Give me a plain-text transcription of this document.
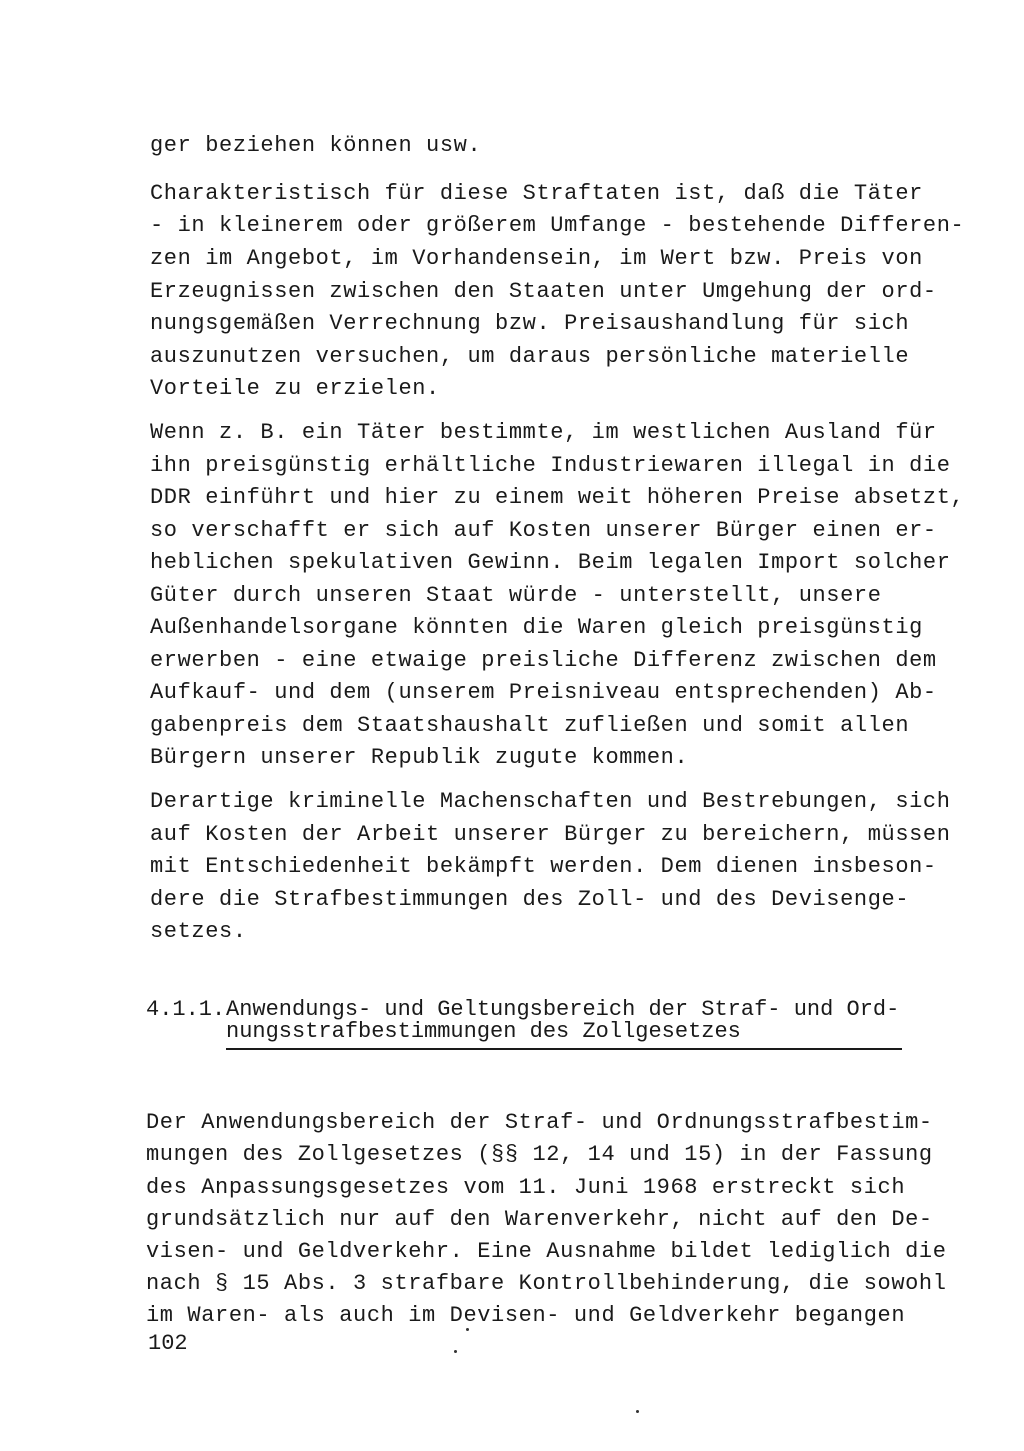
ger beziehen können usw.
Charakteristisch für diese Straftaten ist, daß die Täter
- in kleinerem oder größerem Umfange - bestehende Differen-
zen im Angebot, im Vorhandensein, im Wert bzw. Preis von
Erzeugnissen zwischen den Staaten unter Umgehung der ord-
nungsgemäßen Verrechnung bzw. Preisaushandlung für sich
auszunutzen versuchen, um daraus persönliche materielle
Vorteile zu erzielen.
Wenn z. B. ein Täter bestimmte, im westlichen Ausland für
ihn preisgünstig erhältliche Industriewaren illegal in die
DDR einführt und hier zu einem weit höheren Preise absetzt,
so verschafft er sich auf Kosten unserer Bürger einen er-
heblichen spekulativen Gewinn. Beim legalen Import solcher
Güter durch unseren Staat würde - unterstellt, unsere
Außenhandelsorgane könnten die Waren gleich preisgünstig
erwerben - eine etwaige preisliche Differenz zwischen dem
Aufkauf- und dem (unserem Preisniveau entsprechenden) Ab-
gabenpreis dem Staatshaushalt zufließen und somit allen
Bürgern unserer Republik zugute kommen.
Derartige kriminelle Machenschaften und Bestrebungen, sich
auf Kosten der Arbeit unserer Bürger zu bereichern, müssen
mit Entschiedenheit bekämpft werden. Dem dienen insbeson-
dere die Strafbestimmungen des Zoll- und des Devisenge-
setzes.
4.1.1. Anwendungs- und Geltungsbereich der Straf- und Ord-
nungsstrafbestimmungen des Zollgesetzes
Der Anwendungsbereich der Straf- und Ordnungsstrafbestim-
mungen des Zollgesetzes (§§ 12, 14 und 15) in der Fassung
des Anpassungsgesetzes vom 11. Juni 1968 erstreckt sich
grundsätzlich nur auf den Warenverkehr, nicht auf den De-
visen- und Geldverkehr. Eine Ausnahme bildet lediglich die
nach § 15 Abs. 3 strafbare Kontrollbehinderung, die sowohl
im Waren- als auch im Devisen- und Geldverkehr begangen
102
